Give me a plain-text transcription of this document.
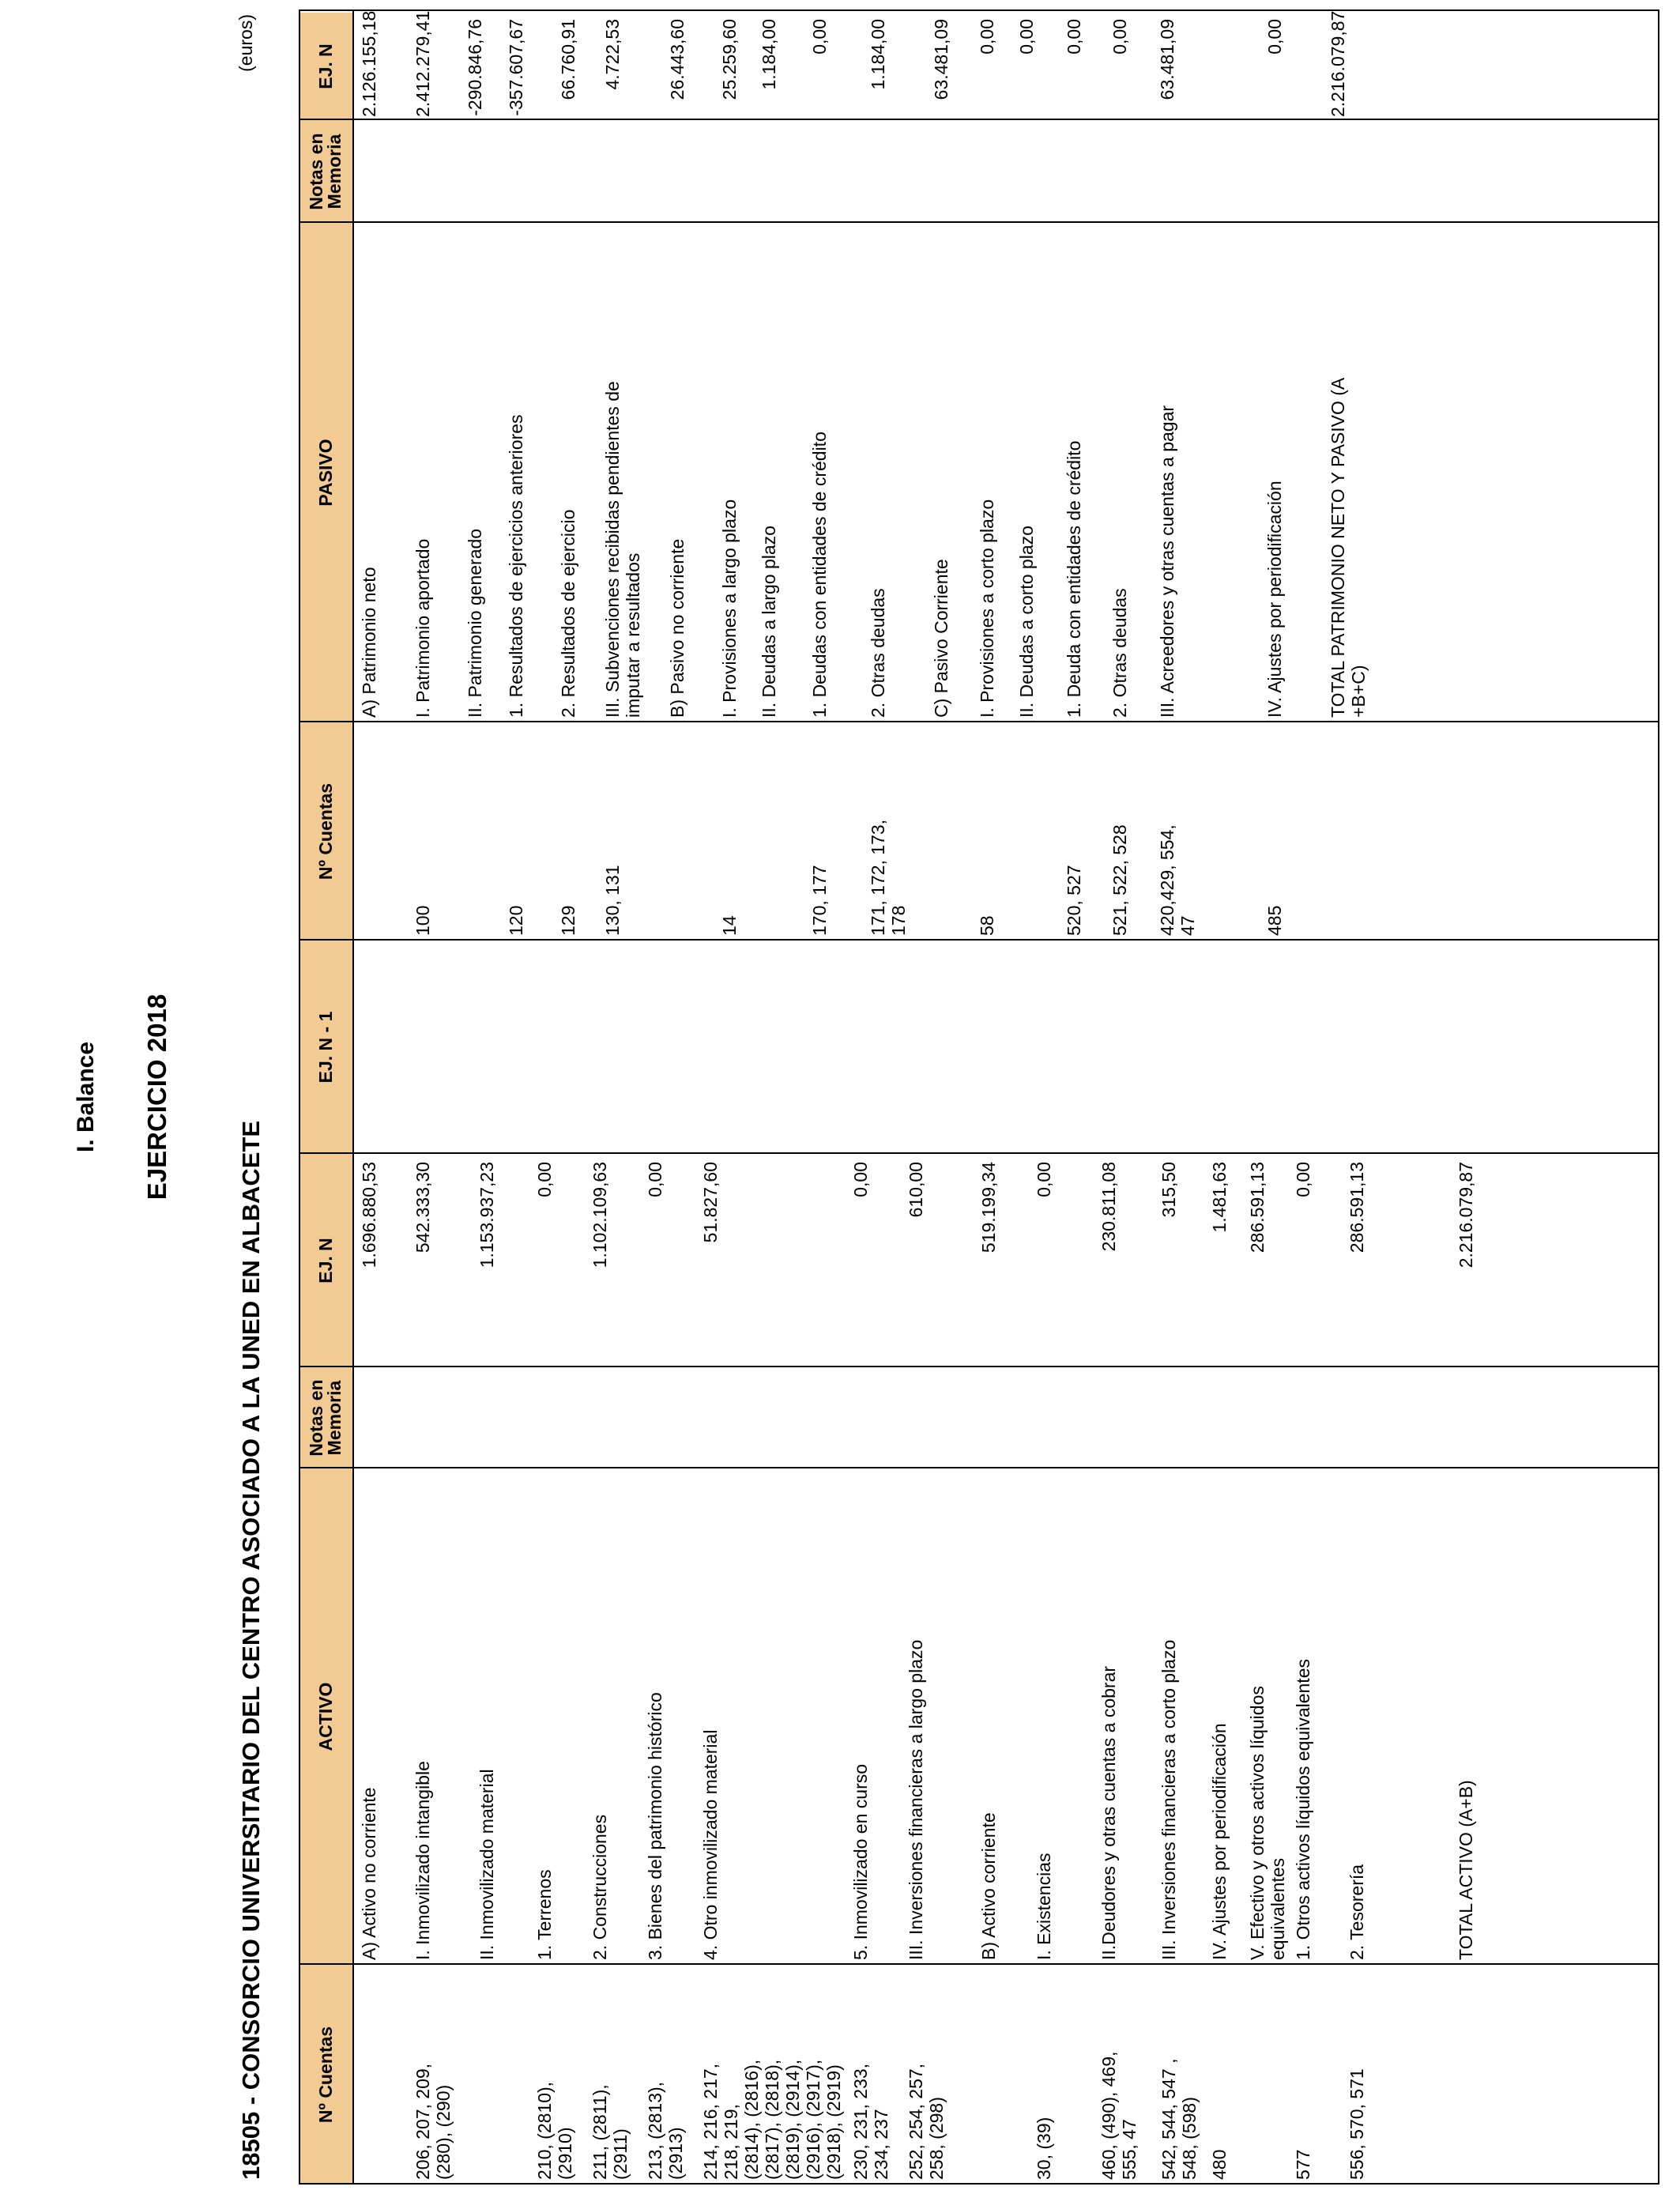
I. Balance EJERCICIO 2018
18505 - CONSORCIO UNIVERSITARIO DEL CENTRO ASOCIADO A LA UNED EN ALBACETE
(euros)
Nº Cuentas
ACTIVO
Notas en
Memoria
EJ. N
EJ. N - 1
Nº Cuentas
PASIVO
Notas en
Memoria
EJ. N
A) Activo no corriente
1.696.880,53
206, 207, 209,
(280), (290)
I. Inmovilizado intangible
542.333,30
II. Inmovilizado material
1.153.937,23
210, (2810),
(2910)
1. Terrenos
0,00
211, (2811),
(2911)
2. Construcciones
1.102.109,63
213, (2813),
(2913)
3. Bienes del patrimonio histórico
0,00
214, 216, 217,
218, 219,
(2814), (2816),
(2817), (2818),
(2819), (2914),
(2916), (2917),
(2918), (2919)
4. Otro inmovilizado material
51.827,60
230, 231, 233,
234, 237
5. Inmovilizado en curso
0,00
252, 254, 257,
258, (298)
III. Inversiones financieras a largo plazo
610,00
B) Activo corriente
519.199,34
30, (39)
I. Existencias
0,00
460, (490), 469,
555, 47
II.Deudores y otras cuentas a cobrar
230.811,08
542, 544, 547 ,
548, (598)
III. Inversiones financieras a corto plazo
315,50
480
IV. Ajustes por periodificación
1.481,63
V. Efectivo y otros activos líquidos
equivalentes
286.591,13
577
1. Otros activos líquidos equivalentes
0,00
556, 570, 571
2. Tesorería
286.591,13
TOTAL ACTIVO (A+B)
2.216.079,87
A) Patrimonio neto
2.126.155,18
100
I. Patrimonio aportado
2.412.279,41
II. Patrimonio generado
-290.846,76
120
1. Resultados de ejercicios anteriores
-357.607,67
129
2. Resultados de ejercicio
66.760,91
130, 131
III. Subvenciones recibidas pendientes de
imputar a resultados
4.722,53
B) Pasivo no corriente
26.443,60
14
I. Provisiones a largo plazo
25.259,60
II. Deudas a largo plazo
1.184,00
170, 177
1. Deudas con entidades de crédito
0,00
171, 172, 173,
178
2. Otras deudas
1.184,00
C) Pasivo Corriente
63.481,09
58
I. Provisiones a corto plazo
0,00
II. Deudas a corto plazo
0,00
520, 527
1. Deuda con entidades de crédito
0,00
521, 522, 528
2. Otras deudas
0,00
420,429, 554,
47
III. Acreedores y otras cuentas a pagar
63.481,09
485
IV. Ajustes por periodificación
0,00
TOTAL PATRIMONIO NETO Y PASIVO (A
+B+C)
2.216.079,87
